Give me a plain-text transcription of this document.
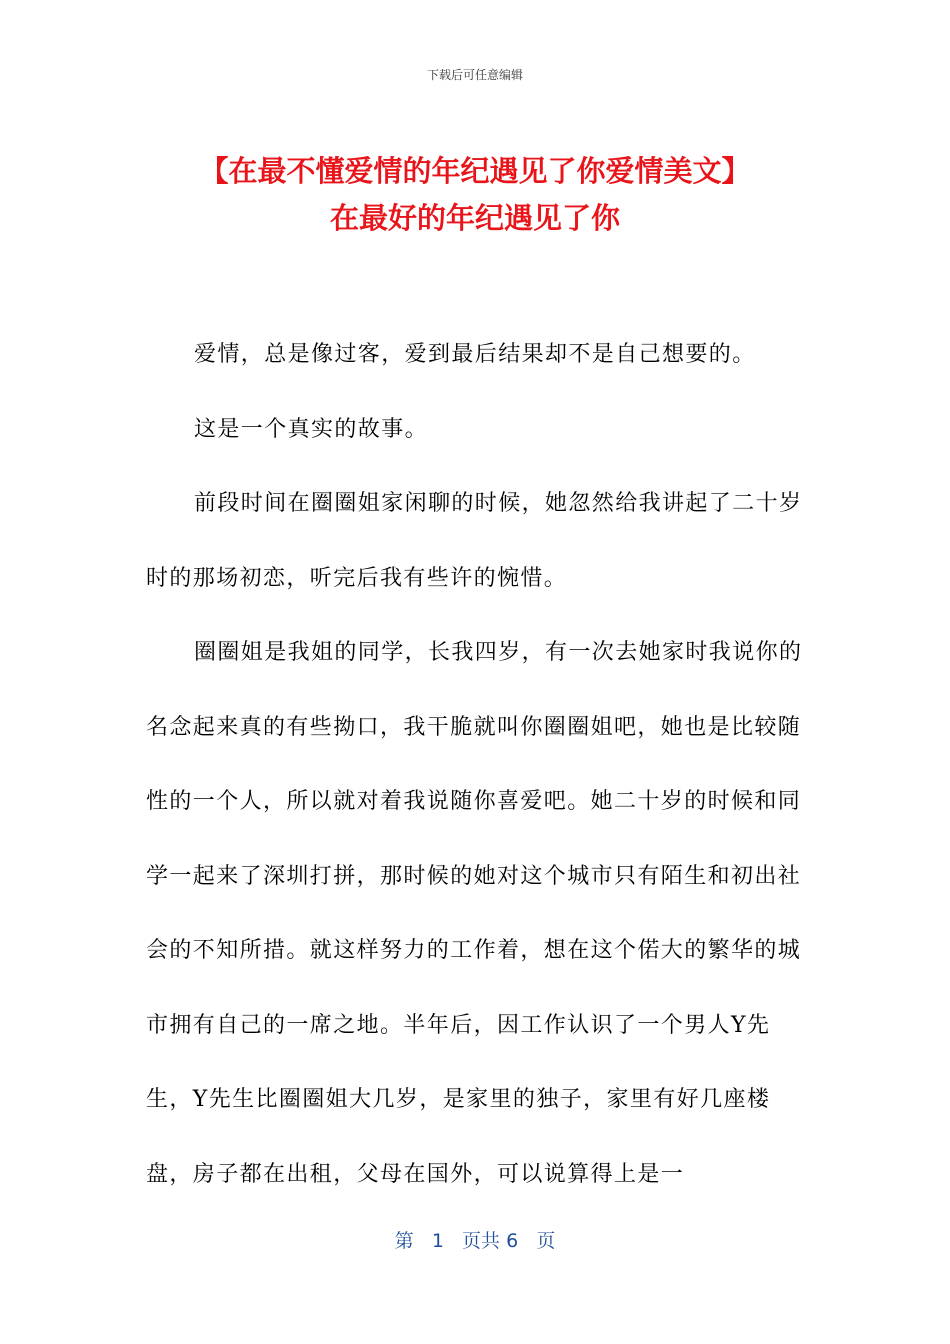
下载后可任意编辑
【在最不懂爱情的年纪遇见了你爱情美文】
在最好的年纪遇见了你

爱情，总是像过客，爱到最后结果却不是自己想要的。

这是一个真实的故事。

前段时间在圈圈姐家闲聊的时候，她忽然给我讲起了二十岁时的那场初恋，听完后我有些许的惋惜。

圈圈姐是我姐的同学，长我四岁，有一次去她家时我说你的名念起来真的有些拗口，我干脆就叫你圈圈姐吧，她也是比较随性的一个人，所以就对着我说随你喜爱吧。她二十岁的时候和同学一起来了深圳打拼，那时候的她对这个城市只有陌生和初出社会的不知所措。就这样努力的工作着，想在这个偌大的繁华的城市拥有自己的一席之地。半年后，因工作认识了一个男人Y先生，Y先生比圈圈姐大几岁，是家里的独子，家里有好几座楼盘，房子都在出租，父母在国外，可以说算得上是一

第 1 页共 6 页
